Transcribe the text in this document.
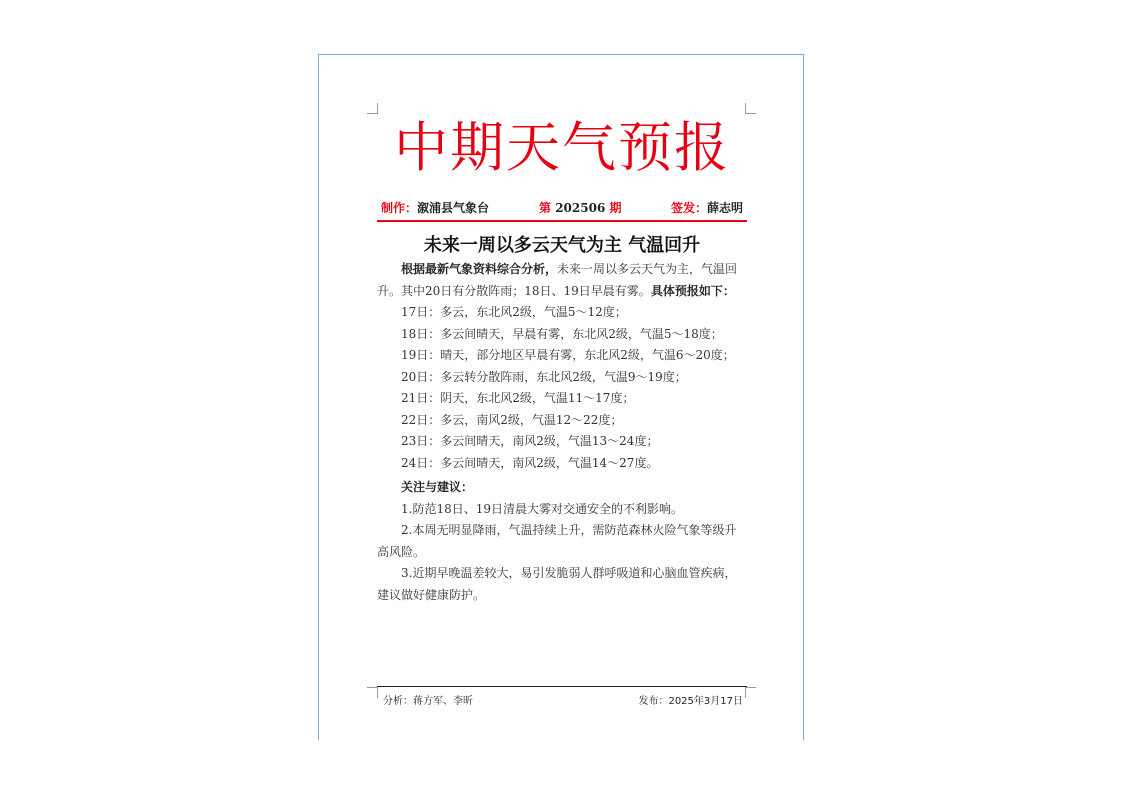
中期天气预报
制作：溆浦县气象台	第 202506 期	签发：薛志明
未来一周以多云天气为主 气温回升

根据最新气象资料综合分析，未来一周以多云天气为主，气温回升。其中20日有分散阵雨；18日、19日早晨有雾。具体预报如下：

17日：多云，东北风2级，气温5～12度；

18日：多云间晴天，早晨有雾，东北风2级，气温5～18度；

19日：晴天，部分地区早晨有雾，东北风2级，气温6～20度；

20日：多云转分散阵雨，东北风2级，气温9～19度；

21日：阴天，东北风2级，气温11～17度；

22日：多云，南风2级，气温12～22度；

23日：多云间晴天，南风2级，气温13～24度；

24日：多云间晴天，南风2级，气温14～27度。

关注与建议：

1.防范18日、19日清晨大雾对交通安全的不利影响。

2.本周无明显降雨，气温持续上升，需防范森林火险气象等级升高风险。

3.近期早晚温差较大，易引发脆弱人群呼吸道和心脑血管疾病，建议做好健康防护。

分析：蒋方军、李昕	发布：2025年3月17日
